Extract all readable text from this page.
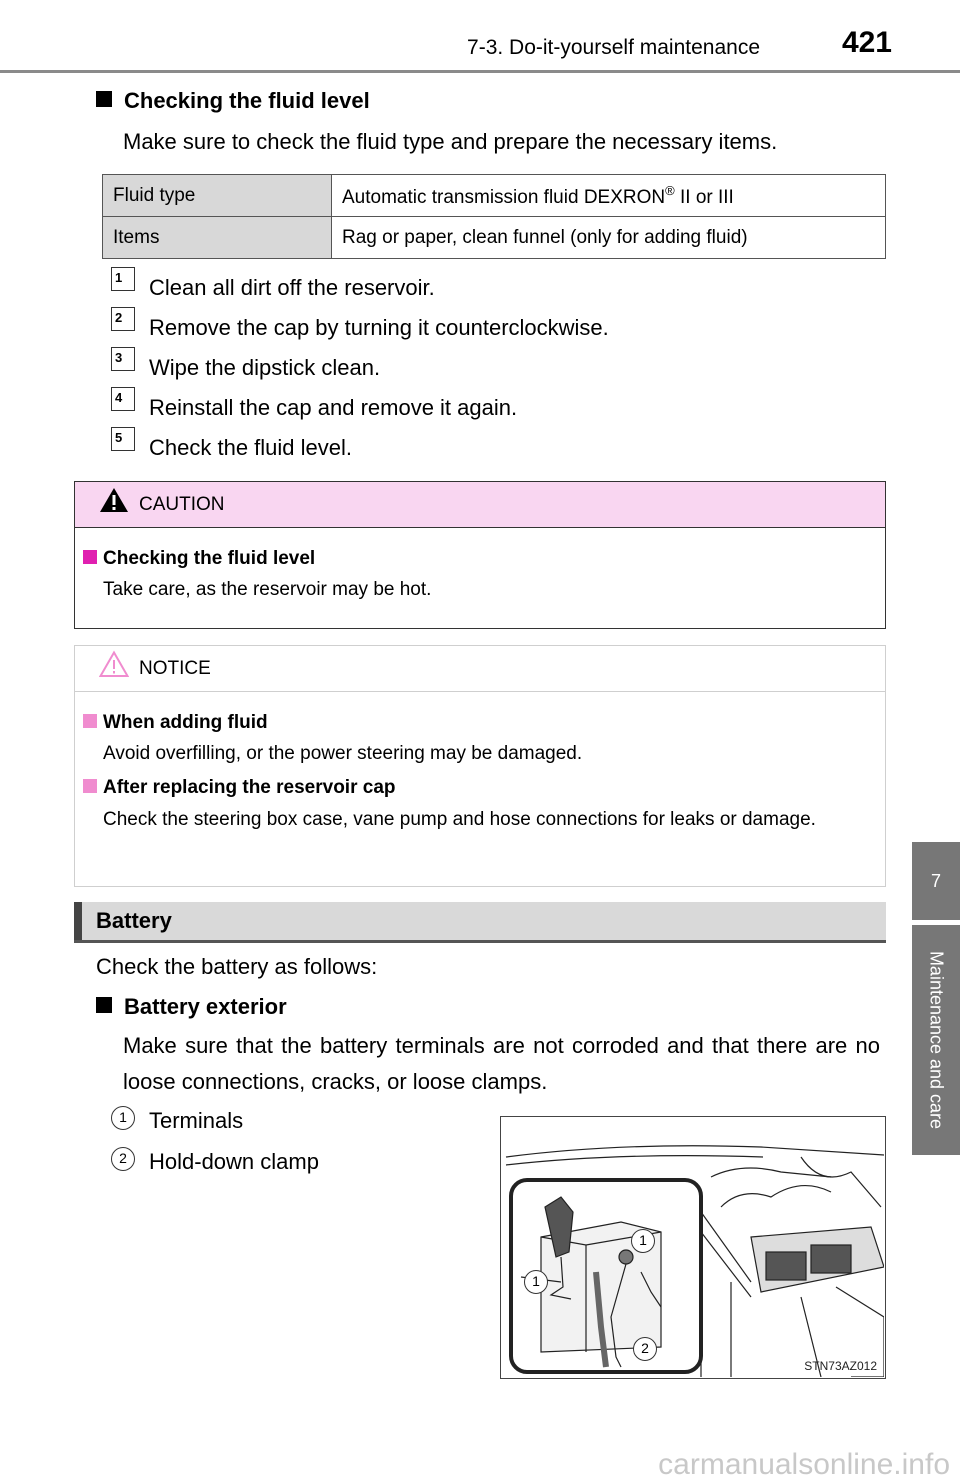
7-3. Do-it-yourself maintenance	421
7
Maintenance and care
Checking the fluid level
Make sure to check the fluid type and prepare the necessary items.
Fluid type	Automatic transmission fluid DEXRON® II or III
Items	Rag or paper, clean funnel (only for adding fluid)
1	Clean all dirt off the reservoir.
2	Remove the cap by turning it counterclockwise.
3	Wipe the dipstick clean.
4	Reinstall the cap and remove it again.
5	Check the fluid level.
CAUTION
Checking the fluid level
Take care, as the reservoir may be hot.
NOTICE
When adding fluid
Avoid overfilling, or the power steering may be damaged.
After replacing the reservoir cap
Check the steering box case, vane pump and hose connections for leaks or damage.
Battery
Check the battery as follows:
Battery exterior
Make sure that the battery terminals are not corroded and that there are no loose connections, cracks, or loose clamps.
1	Terminals
2	Hold-down clamp
1
1
2
STN73AZ012
carmanualsonline.info
